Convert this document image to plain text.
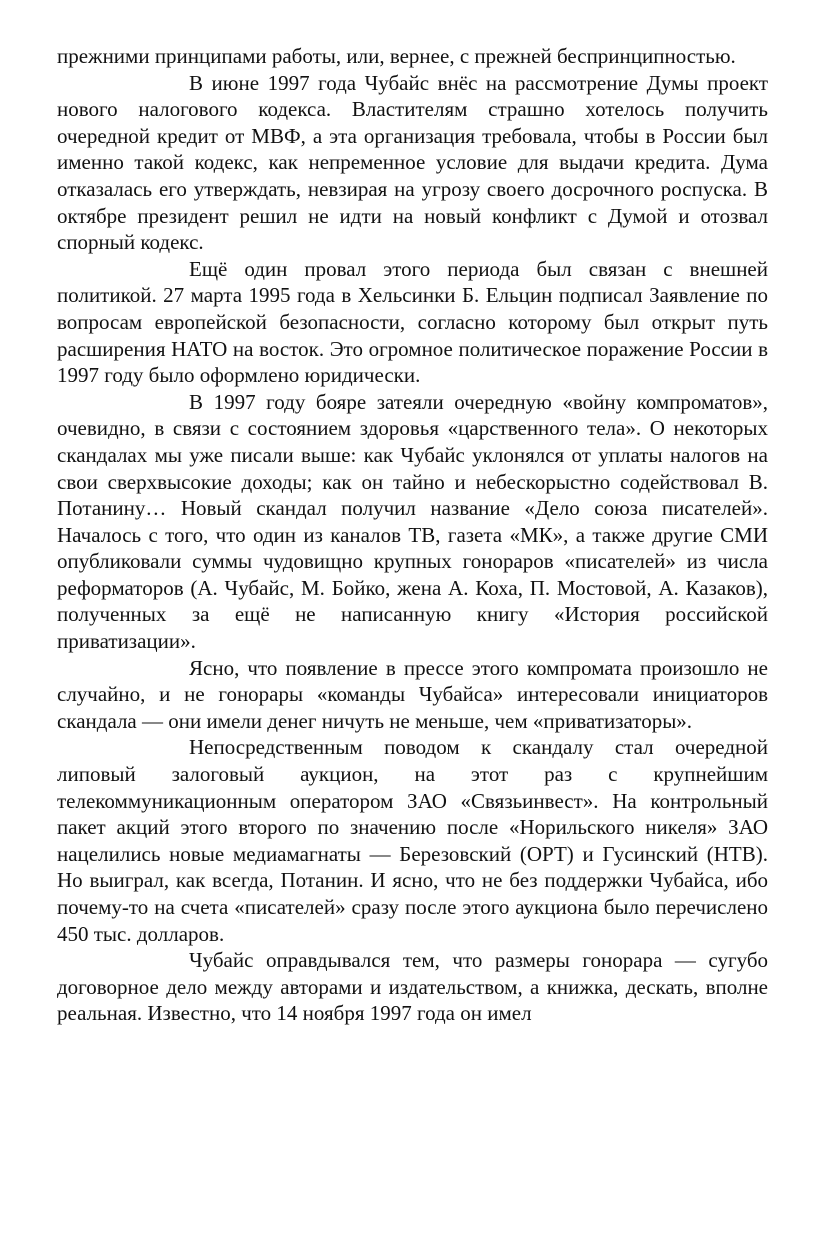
прежними принципами работы, или, вернее, с прежней беспринципностью.

В июне 1997 года Чубайс внёс на рассмотрение Думы проект нового налогового кодекса. Властителям страшно хотелось получить очередной кредит от МВФ, а эта организация требовала, чтобы в России был именно такой кодекс, как непременное условие для выдачи кредита. Дума отказалась его утверждать, невзирая на угрозу своего досрочного роспуска. В октябре президент решил не идти на новый конфликт с Думой и отозвал спорный кодекс.

Ещё один провал этого периода был связан с внешней политикой. 27 марта 1995 года в Хельсинки Б. Ельцин подписал Заявление по вопросам европейской безопасности, согласно которому был открыт путь расширения НАТО на восток. Это огромное политическое поражение России в 1997 году было оформлено юридически.

В 1997 году бояре затеяли очередную «войну компроматов», очевидно, в связи с состоянием здоровья «царственного тела». О некоторых скандалах мы уже писали выше: как Чубайс уклонялся от уплаты налогов на свои сверхвысокие доходы; как он тайно и небескорыстно содействовал В. Потанину… Новый скандал получил название «Дело союза писателей». Началось с того, что один из каналов ТВ, газета «МК», а также другие СМИ опубликовали суммы чудовищно крупных гонораров «писателей» из числа реформаторов (А. Чубайс, М. Бойко, жена А. Коха, П. Мостовой, А. Казаков), полученных за ещё не написанную книгу «История российской приватизации».

Ясно, что появление в прессе этого компромата произошло не случайно, и не гонорары «команды Чубайса» интересовали инициаторов скандала — они имели денег ничуть не меньше, чем «приватизаторы».

Непосредственным поводом к скандалу стал очередной липовый залоговый аукцион, на этот раз с крупнейшим телекоммуникационным оператором ЗАО «Связьинвест». На контрольный пакет акций этого второго по значению после «Норильского никеля» ЗАО нацелились новые медиамагнаты — Березовский (ОРТ) и Гусинский (НТВ). Но выиграл, как всегда, Потанин. И ясно, что не без поддержки Чубайса, ибо почему-то на счета «писателей» сразу после этого аукциона было перечислено 450 тыс. долларов.

Чубайс оправдывался тем, что размеры гонорара — сугубо договорное дело между авторами и издательством, а книжка, дескать, вполне реальная. Известно, что 14 ноября 1997 года он имел
